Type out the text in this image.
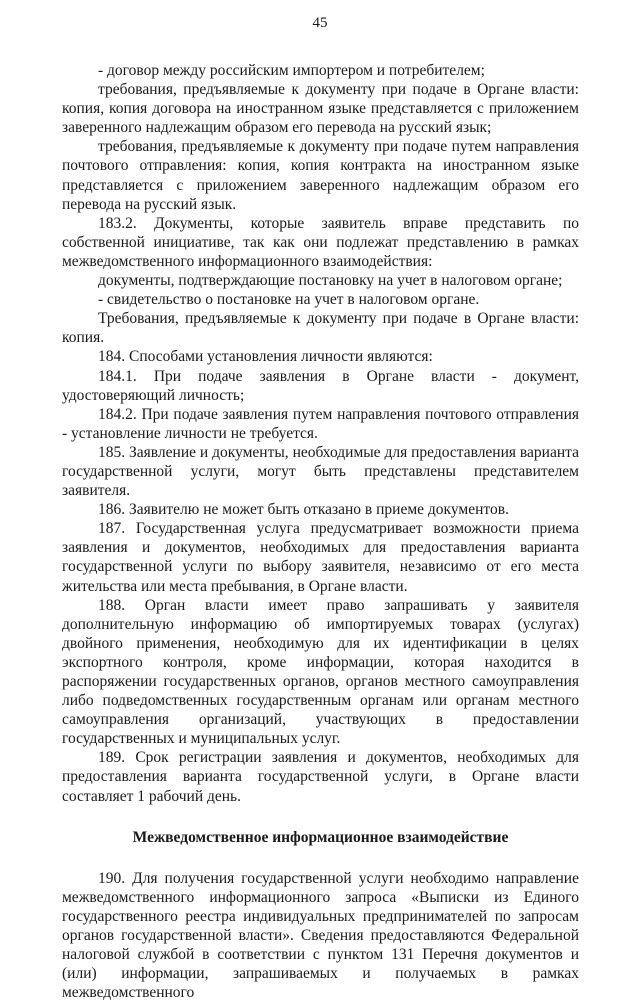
45

- договор между российским импортером и потребителем;

требования, предъявляемые к документу при подаче в Органе власти: копия, копия договора на иностранном языке представляется с приложением заверенного надлежащим образом его перевода на русский язык;

требования, предъявляемые к документу при подаче путем направления почтового отправления: копия, копия контракта на иностранном языке представляется с приложением заверенного надлежащим образом его перевода на русский язык.

183.2. Документы, которые заявитель вправе представить по собственной инициативе, так как они подлежат представлению в рамках межведомственного информационного взаимодействия:

документы, подтверждающие постановку на учет в налоговом органе;

- свидетельство о постановке на учет в налоговом органе.

Требования, предъявляемые к документу при подаче в Органе власти: копия.

184. Способами установления личности являются:

184.1. При подаче заявления в Органе власти - документ, удостоверяющий личность;

184.2. При подаче заявления путем направления почтового отправления - установление личности не требуется.

185. Заявление и документы, необходимые для предоставления варианта государственной услуги, могут быть представлены представителем заявителя.

186. Заявителю не может быть отказано в приеме документов.

187. Государственная услуга предусматривает возможности приема заявления и документов, необходимых для предоставления варианта государственной услуги по выбору заявителя, независимо от его места жительства или места пребывания, в Органе власти.

188. Орган власти имеет право запрашивать у заявителя дополнительную информацию об импортируемых товарах (услугах) двойного применения, необходимую для их идентификации в целях экспортного контроля, кроме информации, которая находится в распоряжении государственных органов, органов местного самоуправления либо подведомственных государственным органам или органам местного самоуправления организаций, участвующих в предоставлении государственных и муниципальных услуг.

189. Срок регистрации заявления и документов, необходимых для предоставления варианта государственной услуги, в Органе власти составляет 1 рабочий день.

Межведомственное информационное взаимодействие

190. Для получения государственной услуги необходимо направление межведомственного информационного запроса «Выписки из Единого государственного реестра индивидуальных предпринимателей по запросам органов государственной власти». Сведения предоставляются Федеральной налоговой службой в соответствии с пунктом 131 Перечня документов и (или) информации, запрашиваемых и получаемых в рамках межведомственного
